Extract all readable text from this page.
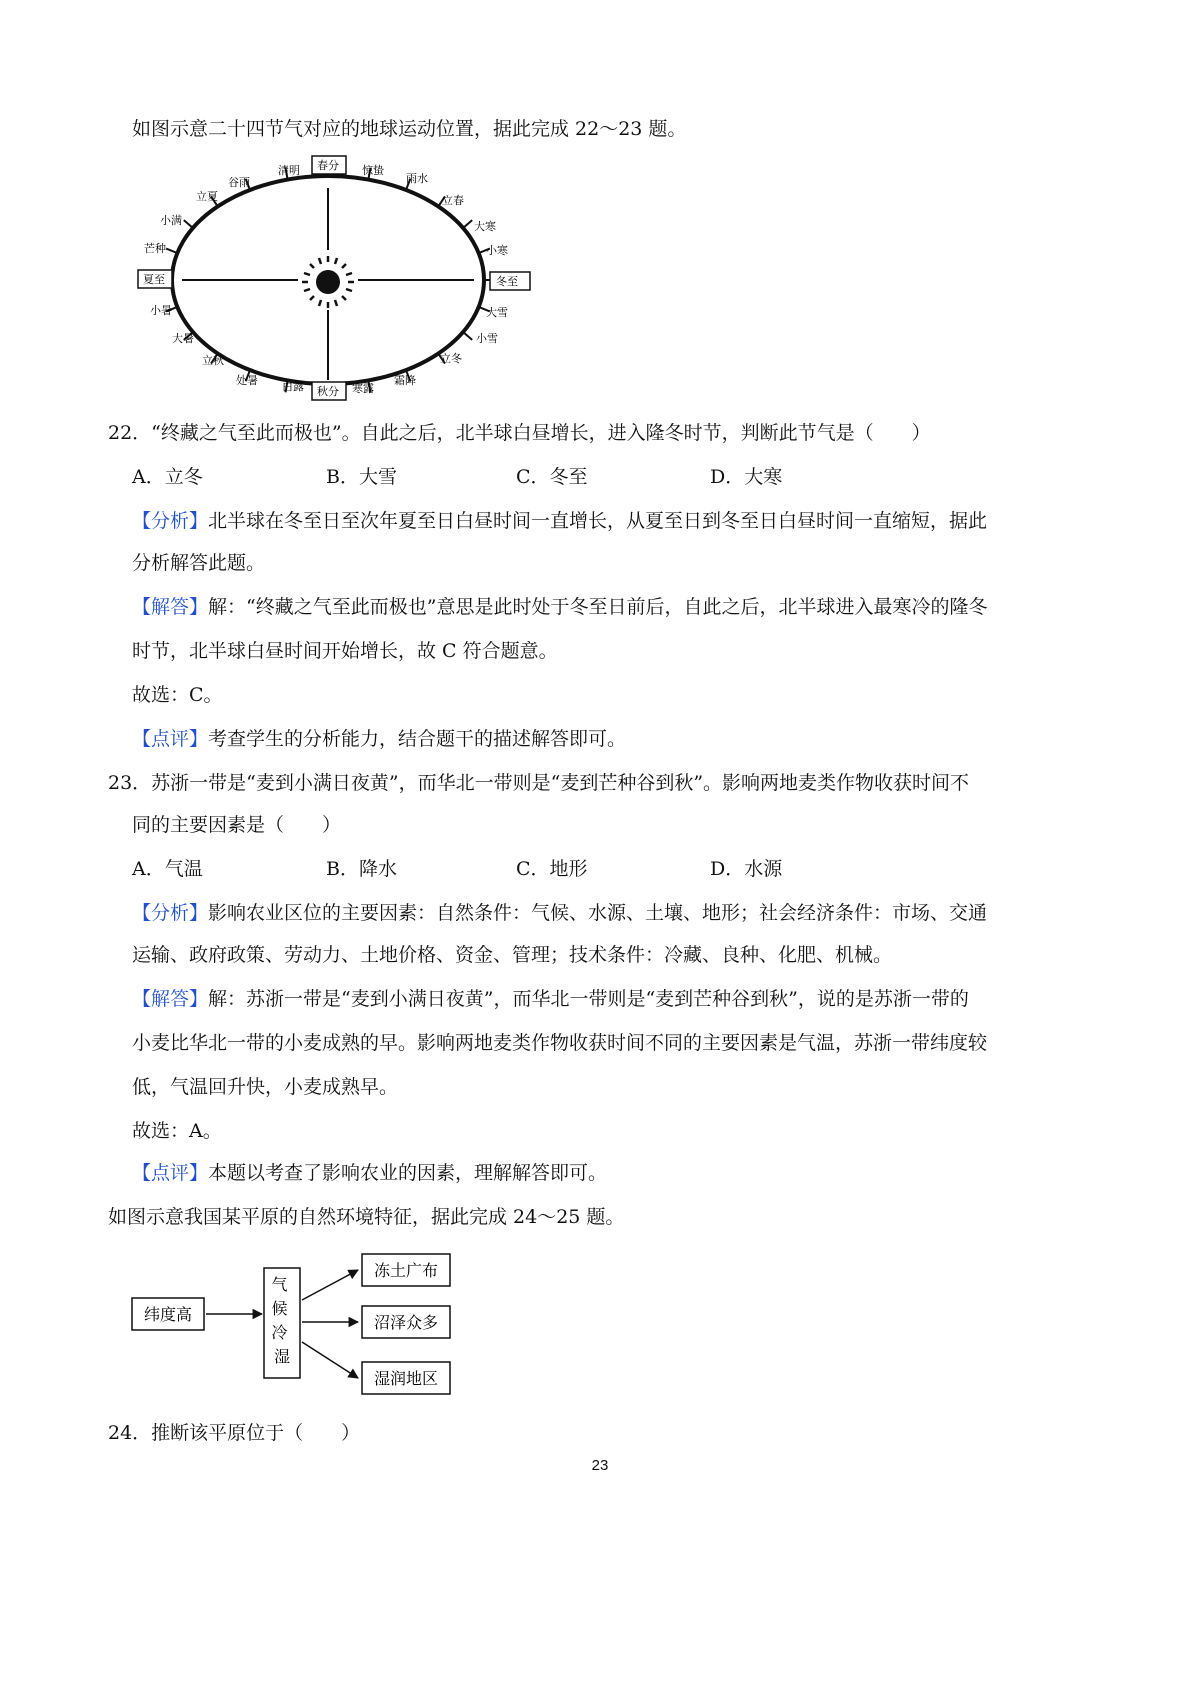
如图示意二十四节气对应的地球运动位置，据此完成 22～23 题。
立夏
谷雨
清明 春分 惊蛰
雨水
立春
大寒
小寒
冬至
大雪
小雪
立冬
霜降
寒露
秋分
白露
处暑
立秋
大暑
小暑
夏至
芒种
小满
22．“终藏之气至此而极也”。自此之后，北半球白昼增长，进入隆冬时节，判断此节气是（　　）
A．立冬	B．大雪	C．冬至	D．大寒
【分析】北半球在冬至日至次年夏至日白昼时间一直增长，从夏至日到冬至日白昼时间一直缩短，据此
分析解答此题。
【解答】解：“终藏之气至此而极也”意思是此时处于冬至日前后，自此之后，北半球进入最寒冷的隆冬
时节，北半球白昼时间开始增长，故 C 符合题意。
故选：C。
【点评】考查学生的分析能力，结合题干的描述解答即可。
23．苏浙一带是“麦到小满日夜黄”，而华北一带则是“麦到芒种谷到秋”。影响两地麦类作物收获时间不
同的主要因素是（　　）
A．气温	B．降水	C．地形	D．水源
【分析】影响农业区位的主要因素：自然条件：气候、水源、土壤、地形；社会经济条件：市场、交通
运输、政府政策、劳动力、土地价格、资金、管理；技术条件：冷藏、良种、化肥、机械。
【解答】解：苏浙一带是“麦到小满日夜黄”，而华北一带则是“麦到芒种谷到秋”，说的是苏浙一带的
小麦比华北一带的小麦成熟的早。影响两地麦类作物收获时间不同的主要因素是气温，苏浙一带纬度较
低，气温回升快，小麦成熟早。
故选：A。
【点评】本题以考查了影响农业的因素，理解解答即可。
如图示意我国某平原的自然环境特征，据此完成 24～25 题。
纬度高
气 候 冷 湿
冻土广布
沼泽众多
湿润地区
24．推断该平原位于（　　）
23
